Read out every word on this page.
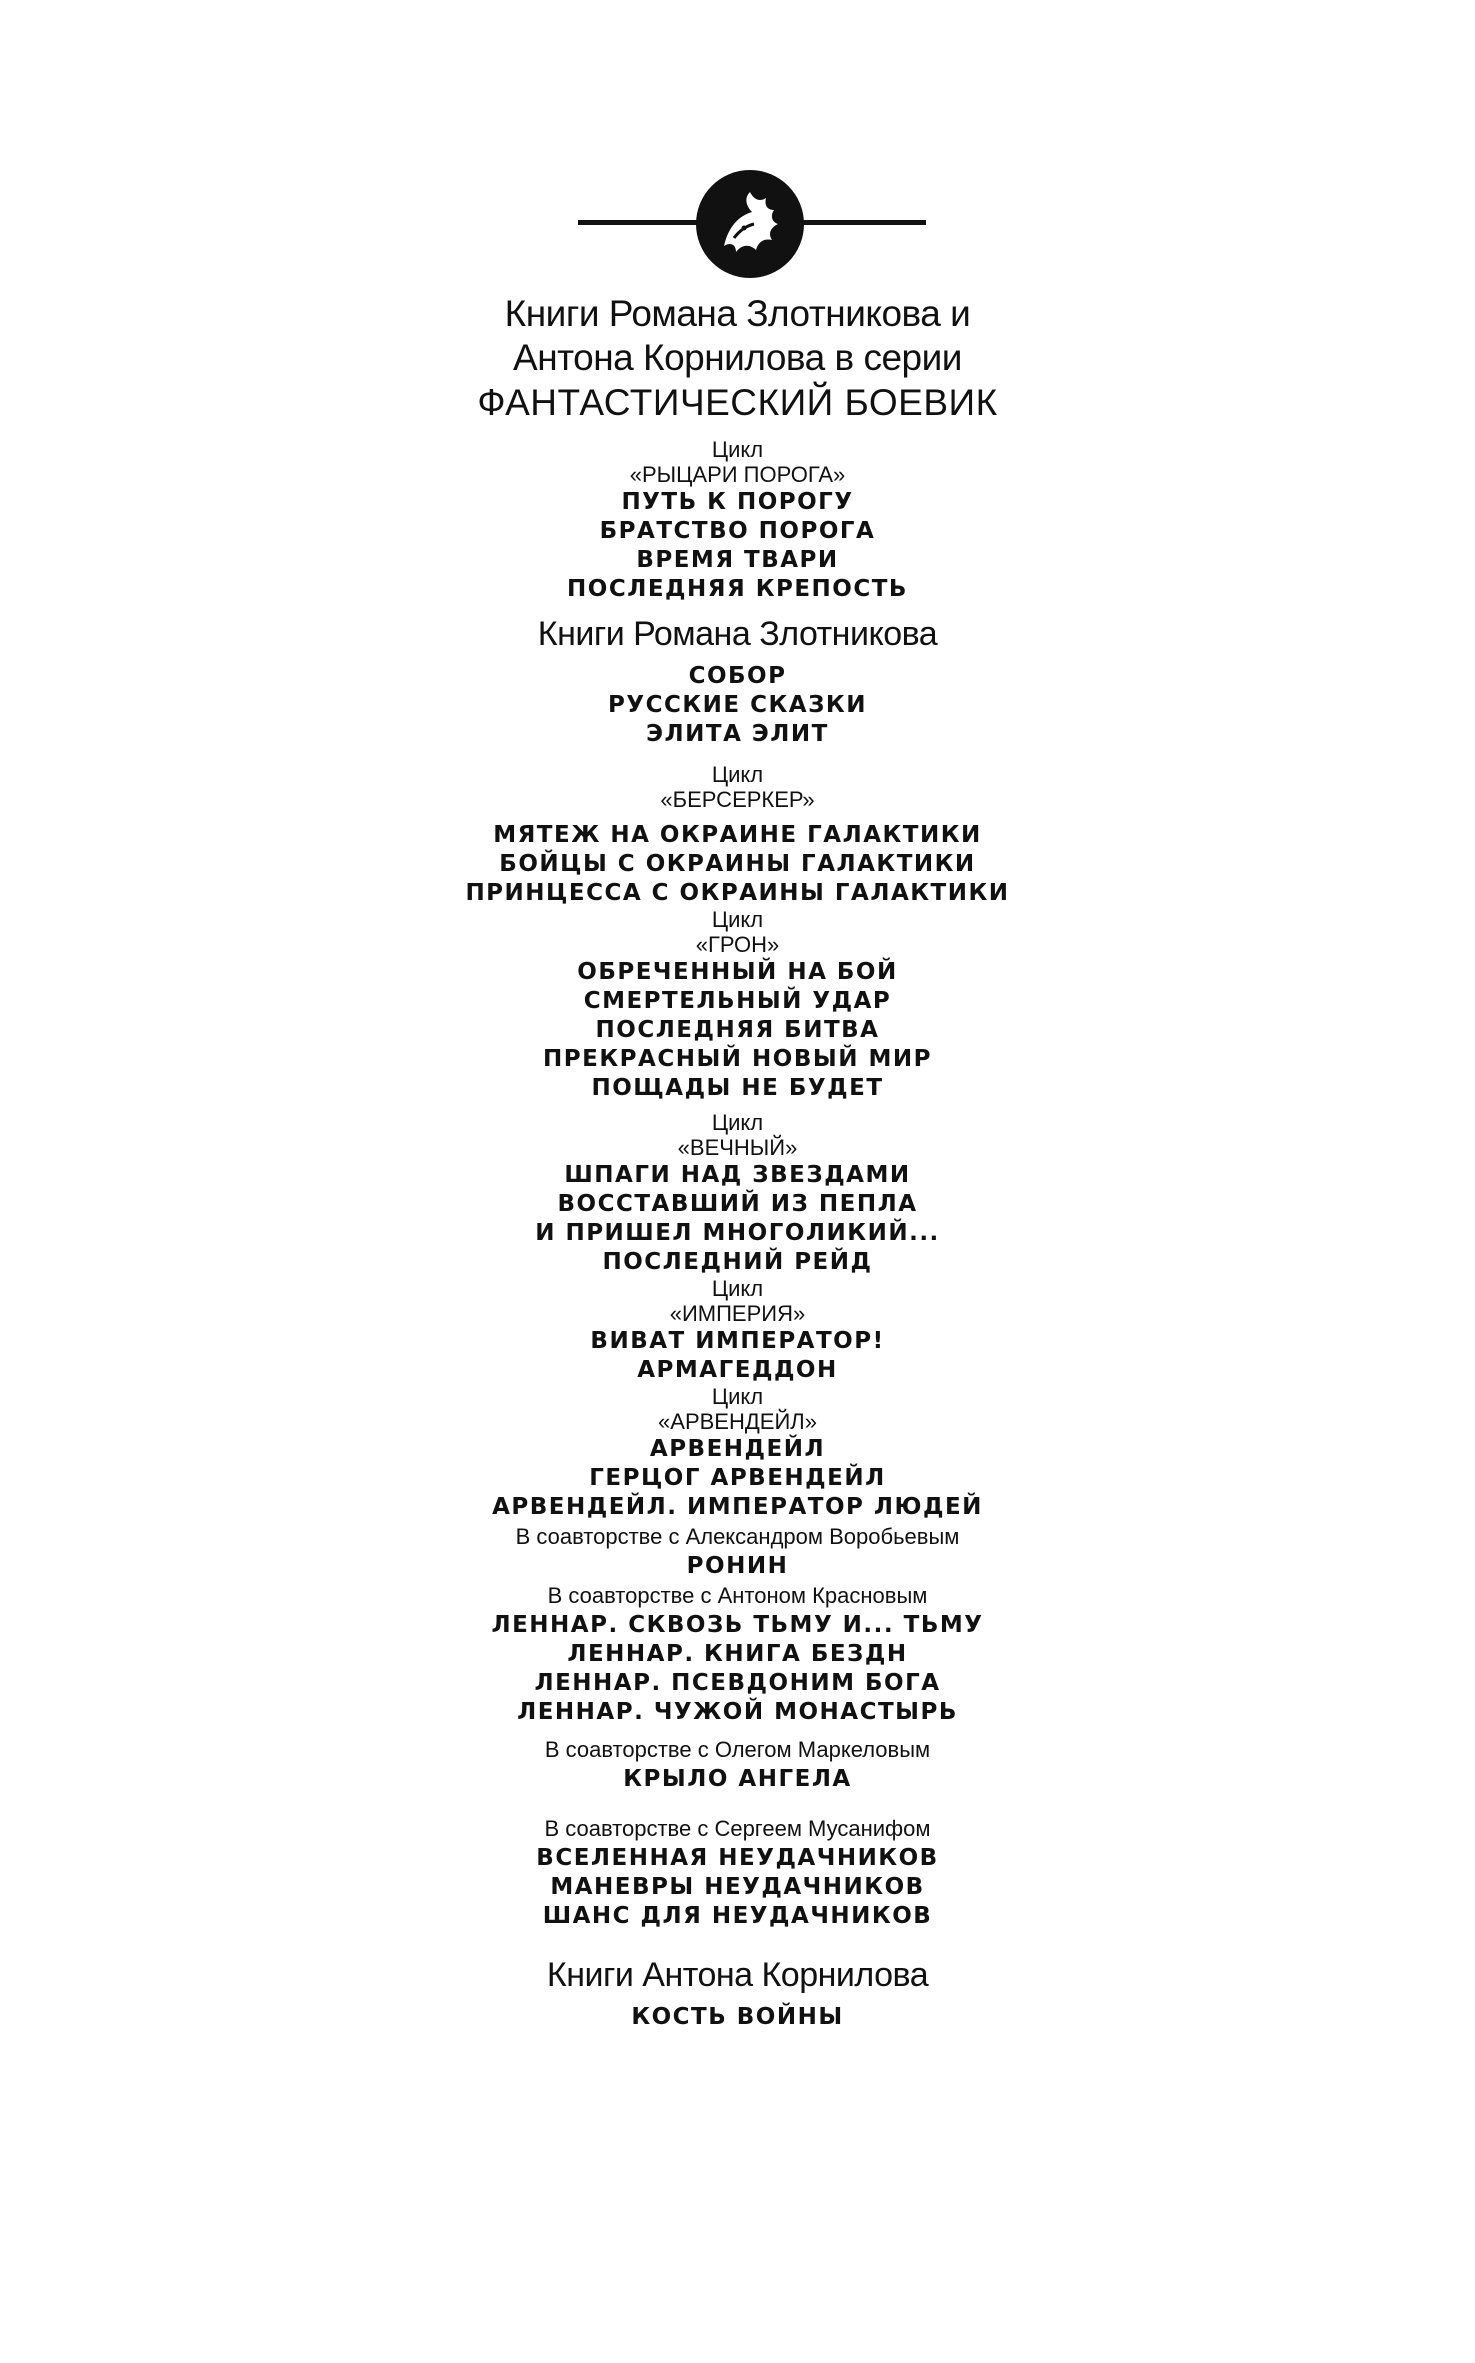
Книги Романа Злотникова и

Антона Корнилова в серии

ФАНТАСТИЧЕСКИЙ БОЕВИК

Цикл

«РЫЦАРИ ПОРОГА»

ПУТЬ К ПОРОГУ

БРАТСТВО ПОРОГА

ВРЕМЯ ТВАРИ

ПОСЛЕДНЯЯ КРЕПОСТЬ

Книги Романа Злотникова

СОБОР

РУССКИЕ СКАЗКИ

ЭЛИТА ЭЛИТ

Цикл

«БЕРСЕРКЕР»

МЯТЕЖ НА ОКРАИНЕ ГАЛАКТИКИ

БОЙЦЫ С ОКРАИНЫ ГАЛАКТИКИ

ПРИНЦЕССА С ОКРАИНЫ ГАЛАКТИКИ

Цикл

«ГРОН»

ОБРЕЧЕННЫЙ НА БОЙ

СМЕРТЕЛЬНЫЙ УДАР

ПОСЛЕДНЯЯ БИТВА

ПРЕКРАСНЫЙ НОВЫЙ МИР

ПОЩАДЫ НЕ БУДЕТ

Цикл

«ВЕЧНЫЙ»

ШПАГИ НАД ЗВЕЗДАМИ

ВОССТАВШИЙ ИЗ ПЕПЛА

И ПРИШЕЛ МНОГОЛИКИЙ...

ПОСЛЕДНИЙ РЕЙД

Цикл

«ИМПЕРИЯ»

ВИВАТ ИМПЕРАТОР!

АРМАГЕДДОН

Цикл

«АРВЕНДЕЙЛ»

АРВЕНДЕЙЛ

ГЕРЦОГ АРВЕНДЕЙЛ

АРВЕНДЕЙЛ. ИМПЕРАТОР ЛЮДЕЙ

В соавторстве с Александром Воробьевым

РОНИН

В соавторстве с Антоном Красновым

ЛЕННАР. СКВОЗЬ ТЬМУ И... ТЬМУ

ЛЕННАР. КНИГА БЕЗДН

ЛЕННАР. ПСЕВДОНИМ БОГА

ЛЕННАР. ЧУЖОЙ МОНАСТЫРЬ

В соавторстве с Олегом Маркеловым

КРЫЛО АНГЕЛА

В соавторстве с Сергеем Мусанифом

ВСЕЛЕННАЯ НЕУДАЧНИКОВ

МАНЕВРЫ НЕУДАЧНИКОВ

ШАНС ДЛЯ НЕУДАЧНИКОВ

Книги Антона Корнилова

КОСТЬ ВОЙНЫ
